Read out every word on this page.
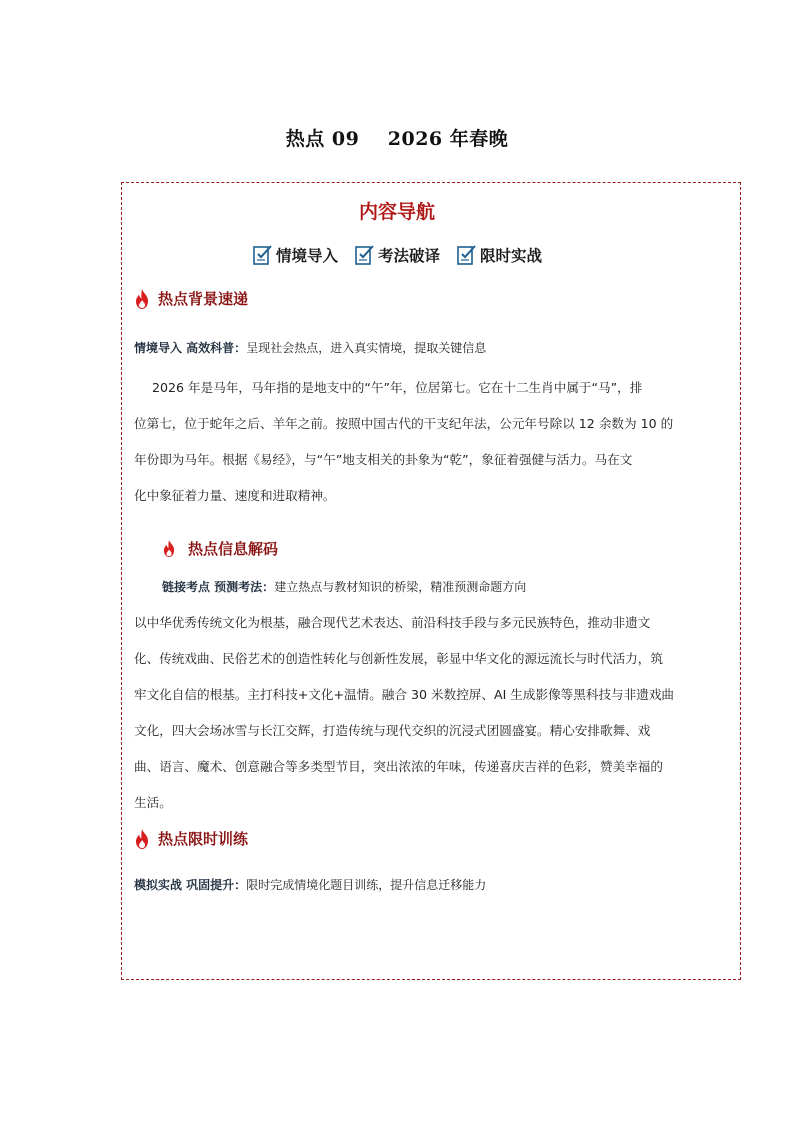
热点 09    2026 年春晚
内容导航
情境导入	考法破译	限时实战
热点背景速递
情境导入 高效科普：呈现社会热点，进入真实情境，提取关键信息
2026 年是马年，马年指的是地支中的“午”年，位居第七。它在十二生肖中属于“马”，排
位第七，位于蛇年之后、羊年之前。按照中国古代的干支纪年法，公元年号除以 12 余数为 10 的
年份即为马年。根据《易经》，与“午”地支相关的卦象为“乾”，象征着强健与活力。马在文
化中象征着力量、速度和进取精神。
热点信息解码
链接考点 预测考法：建立热点与教材知识的桥梁，精准预测命题方向
以中华优秀传统文化为根基，融合现代艺术表达、前沿科技手段与多元民族特色，推动非遗文
化、传统戏曲、民俗艺术的创造性转化与创新性发展，彰显中华文化的源远流长与时代活力，筑
牢文化自信的根基。主打科技+文化+温情。融合 30 米数控屏、AI 生成影像等黑科技与非遗戏曲
文化，四大会场冰雪与长江交辉，打造传统与现代交织的沉浸式团圆盛宴。精心安排歌舞、戏
曲、语言、魔术、创意融合等多类型节目，突出浓浓的年味，传递喜庆吉祥的色彩，赞美幸福的
生活。
热点限时训练
模拟实战 巩固提升：限时完成情境化题目训练，提升信息迁移能力
